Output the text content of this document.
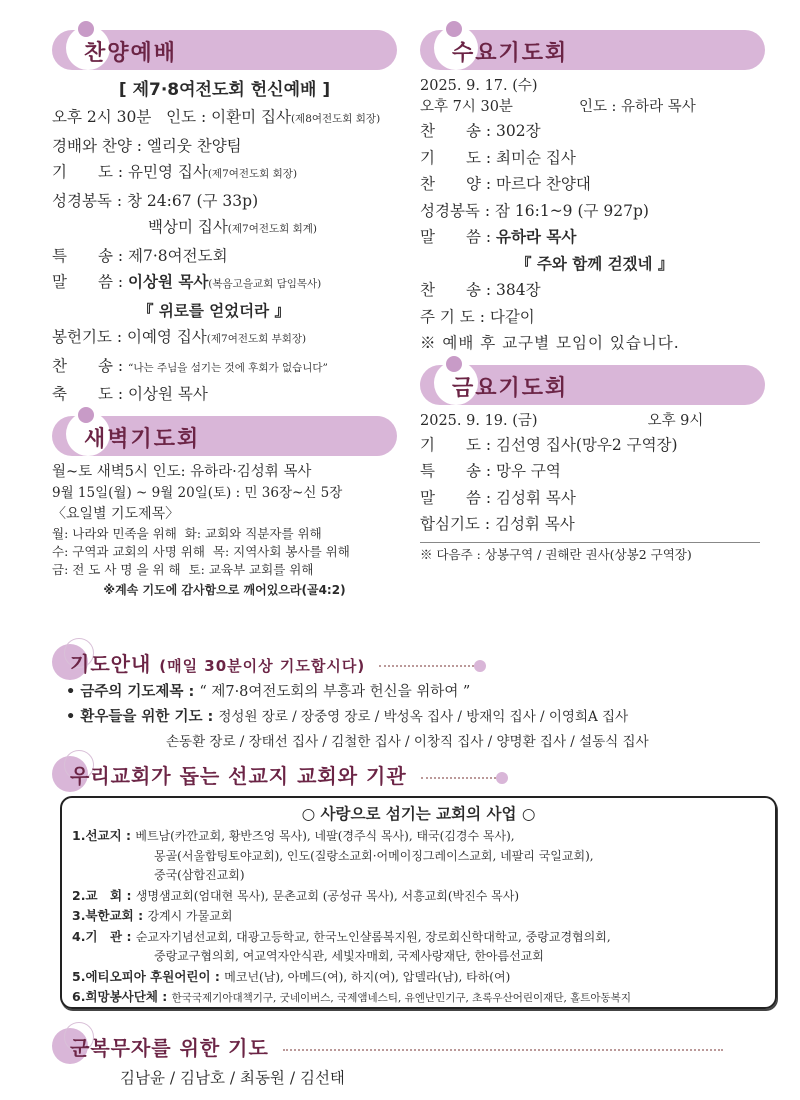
찬양예배
[ 제7·8여전도회 헌신예배 ]
오후 2시 30분 인도 : 이환미 집사(제8여전도회 회장)
경배와 찬양 : 엘리웃 찬양팀
기　　도 : 유민영 집사(제7여전도회 회장)
성경봉독 : 창 24:67 (구 33p)
백상미 집사(제7여전도회 회계)
특　　송 : 제7·8여전도회
말　　씀 : 이상원 목사(복음고을교회 담임목사)
『 위로를 얻었더라 』
봉헌기도 : 이예영 집사(제7여전도회 부회장)
찬　　송 : “나는 주님을 섬기는 것에 후회가 없습니다”
축　　도 : 이상원 목사
새벽기도회
월~토 새벽5시 인도: 유하라·김성휘 목사
9월 15일(월) ~ 9월 20일(토) : 민 36장~신 5장
〈요일별 기도제목〉
월: 나라와 민족을 위해 화: 교회와 직분자를 위해
수: 구역과 교회의 사명 위해 목: 지역사회 봉사를 위해
금: 전 도 사 명 을 위 해 토: 교육부 교회를 위해
※계속 기도에 감사함으로 깨어있으라(골4:2)
수요기도회
2025. 9. 17. (수)
오후 7시 30분	인도 : 유하라 목사
찬　　송 : 302장
기　　도 : 최미순 집사
찬　　양 : 마르다 찬양대
성경봉독 : 잠 16:1~9 (구 927p)
말　　씀 : 유하라 목사
『 주와 함께 걷겠네 』
찬　　송 : 384장
주 기 도 : 다같이
※ 예배 후 교구별 모임이 있습니다.
금요기도회
2025. 9. 19. (금)	오후 9시
기　　도 : 김선영 집사(망우2 구역장)
특　　송 : 망우 구역
말　　씀 : 김성휘 목사
합심기도 : 김성휘 목사
※ 다음주 : 상봉구역 / 권해란 권사(상봉2 구역장)
기도안내 (매일 30분이상 기도합시다)
• 금주의 기도제목 : “ 제7·8여전도회의 부흥과 헌신을 위하여 ”
• 환우들을 위한 기도 : 정성원 장로 / 장중영 장로 / 박성옥 집사 / 방재익 집사 / 이영희A 집사
손동환 장로 / 장태선 집사 / 김철한 집사 / 이창직 집사 / 양명환 집사 / 설동식 집사
우리교회가 돕는 선교지 교회와 기관
○ 사랑으로 섬기는 교회의 사업 ○
1.선교지 : 베트남(카깐교회, 황반즈엉 목사), 네팔(경주식 목사), 태국(김경수 목사),
몽골(서울합팅토야교회), 인도(질랑소교회·어메이징그레이스교회, 네팔리 국일교회),
중국(삼합진교회)
2.교　회 : 생명샘교회(엄대현 목사), 문촌교회 (공성규 목사), 서흥교회(박진수 목사)
3.북한교회 : 강계시 가물교회
4.기　관 : 순교자기념선교회, 대광고등학교, 한국노인샬롬복지원, 장로회신학대학교, 중랑교경협의회,
중랑교구협의회, 여교역자안식관, 세빛자매회, 국제사랑재단, 한아름선교회
5.에티오피아 후원어린이 : 메코넌(남), 아메드(여), 하지(여), 압델라(남), 타하(여)
6.희망봉사단체 : 한국국제기아대책기구, 굿네이버스, 국제앰네스티, 유엔난민기구, 초록우산어린이재단, 홀트아동복지
군복무자를 위한 기도
김남윤 / 김남호 / 최동원 / 김선태
